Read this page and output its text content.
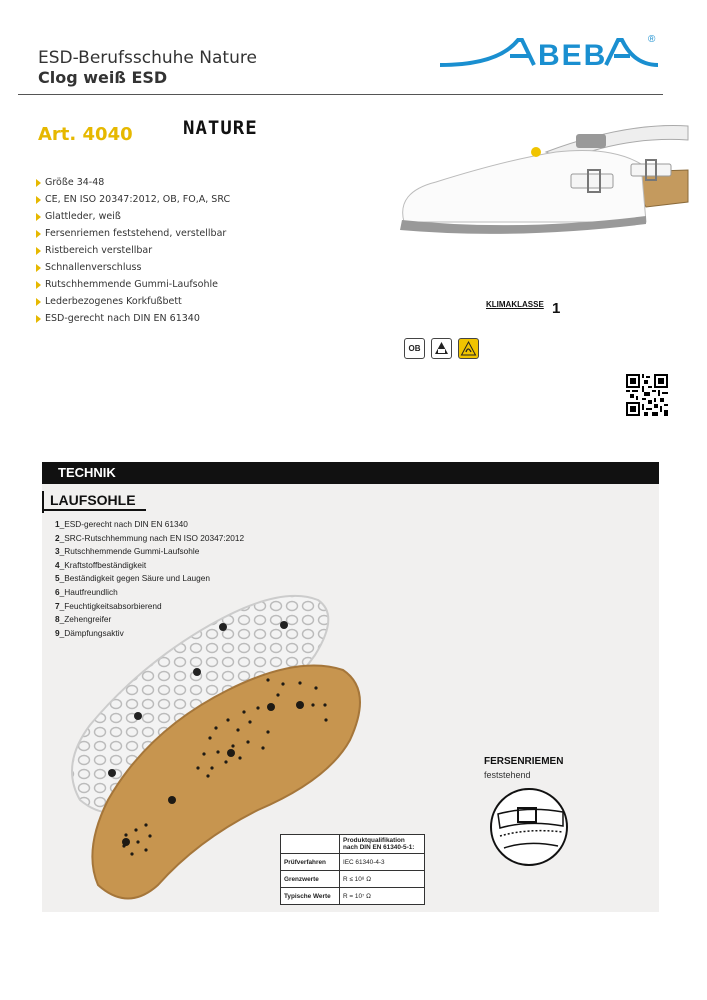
ESD-Berufsschuhe Nature
Clog weiß ESD
BEB	®
Art. 4040	NATURE
Größe 34-48
CE, EN ISO 20347:2012, OB, FO,A, SRC
Glattleder, weiß
Fersenriemen feststehend, verstellbar
Ristbereich verstellbar
Schnallenverschluss
Rutschhemmende Gummi-Laufsohle
Lederbezogenes Korkfußbett
ESD-gerecht nach DIN EN 61340
KLIMAKLASSE 1
OB
TECHNIK
LAUFSOHLE
1_ESD-gerecht nach DIN EN 61340
2_SRC-Rutschhemmung nach EN ISO 20347:2012
3_Rutschhemmende Gummi-Laufsohle
4_Kraftstoffbeständigkeit
5_Beständigkeit gegen Säure und Laugen
6_Hautfreundlich
7_Feuchtigkeitsabsorbierend
8_Zehengreifer
9_Dämpfungsaktiv
FERSENRIEMEN
feststehend
	Produktqualifikation nach DIN EN 61340-5-1:
Prüfverfahren	IEC 61340-4-3
Grenzwerte	R ≤ 10⁸ Ω
Typische Werte	R = 10⁷ Ω
